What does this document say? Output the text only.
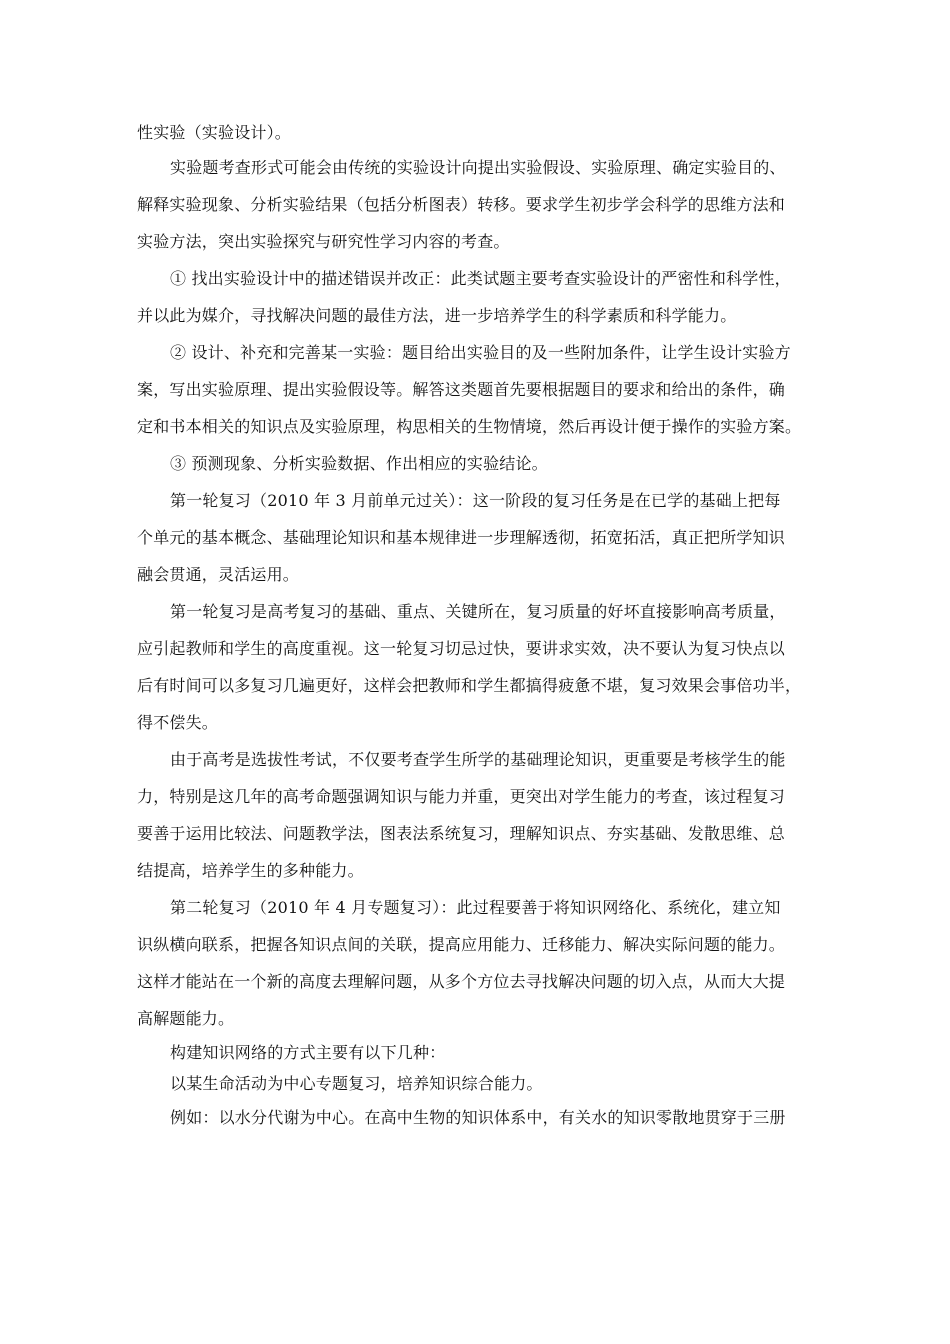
性实验（实验设计）。

实验题考查形式可能会由传统的实验设计向提出实验假设、实验原理、确定实验目的、

解释实验现象、分析实验结果（包括分析图表）转移。要求学生初步学会科学的思维方法和

实验方法，突出实验探究与研究性学习内容的考查。

① 找出实验设计中的描述错误并改正：此类试题主要考查实验设计的严密性和科学性，

并以此为媒介，寻找解决问题的最佳方法，进一步培养学生的科学素质和科学能力。

② 设计、补充和完善某一实验：题目给出实验目的及一些附加条件，让学生设计实验方

案，写出实验原理、提出实验假设等。解答这类题首先要根据题目的要求和给出的条件，确

定和书本相关的知识点及实验原理，构思相关的生物情境，然后再设计便于操作的实验方案。

③ 预测现象、分析实验数据、作出相应的实验结论。

第一轮复习（2010 年 3 月前单元过关）：这一阶段的复习任务是在已学的基础上把每

个单元的基本概念、基础理论知识和基本规律进一步理解透彻，拓宽拓活，真正把所学知识

融会贯通，灵活运用。

第一轮复习是高考复习的基础、重点、关键所在，复习质量的好坏直接影响高考质量，

应引起教师和学生的高度重视。这一轮复习切忌过快，要讲求实效，决不要认为复习快点以

后有时间可以多复习几遍更好，这样会把教师和学生都搞得疲惫不堪，复习效果会事倍功半，

得不偿失。

由于高考是选拔性考试，不仅要考查学生所学的基础理论知识，更重要是考核学生的能

力，特别是这几年的高考命题强调知识与能力并重，更突出对学生能力的考查，该过程复习

要善于运用比较法、问题教学法，图表法系统复习，理解知识点、夯实基础、发散思维、总

结提高，培养学生的多种能力。

第二轮复习（2010 年 4 月专题复习）：此过程要善于将知识网络化、系统化，建立知

识纵横向联系，把握各知识点间的关联，提高应用能力、迁移能力、解决实际问题的能力。

这样才能站在一个新的高度去理解问题，从多个方位去寻找解决问题的切入点，从而大大提

高解题能力。

构建知识网络的方式主要有以下几种：

以某生命活动为中心专题复习，培养知识综合能力。

例如：以水分代谢为中心。在高中生物的知识体系中，有关水的知识零散地贯穿于三册
